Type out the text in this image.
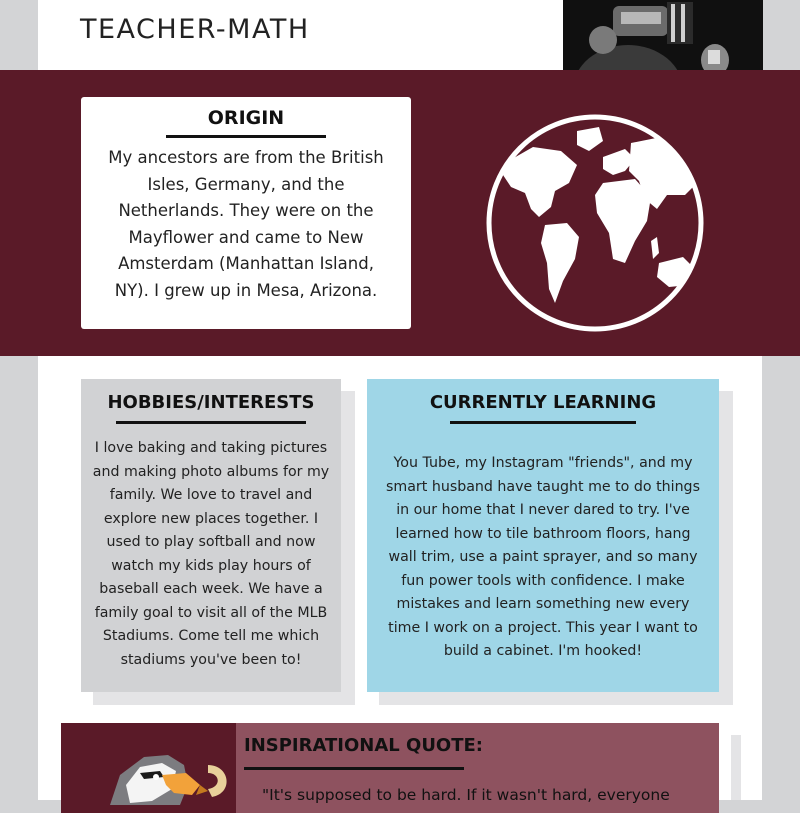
TEACHER-MATH
ORIGIN
My ancestors are from the British
Isles, Germany, and the
Netherlands. They were on the
Mayflower and came to New
Amsterdam (Manhattan Island,
NY). I grew up in Mesa, Arizona.
HOBBIES/INTERESTS
I love baking and taking pictures
and making photo albums for my
family. We love to travel and
explore new places together. I
used to play softball and now
watch my kids play hours of
baseball each week. We have a
family goal to visit all of the MLB
Stadiums. Come tell me which
stadiums you've been to!
CURRENTLY LEARNING
You Tube, my Instagram "friends", and my
smart husband have taught me to do things
in our home that I never dared to try. I've
learned how to tile bathroom floors, hang
wall trim, use a paint sprayer, and so many
fun power tools with confidence. I make
mistakes and learn something new every
time I work on a project. This year I want to
build a cabinet. I'm hooked!
INSPIRATIONAL QUOTE:
"It's supposed to be hard. If it wasn't hard, everyone
